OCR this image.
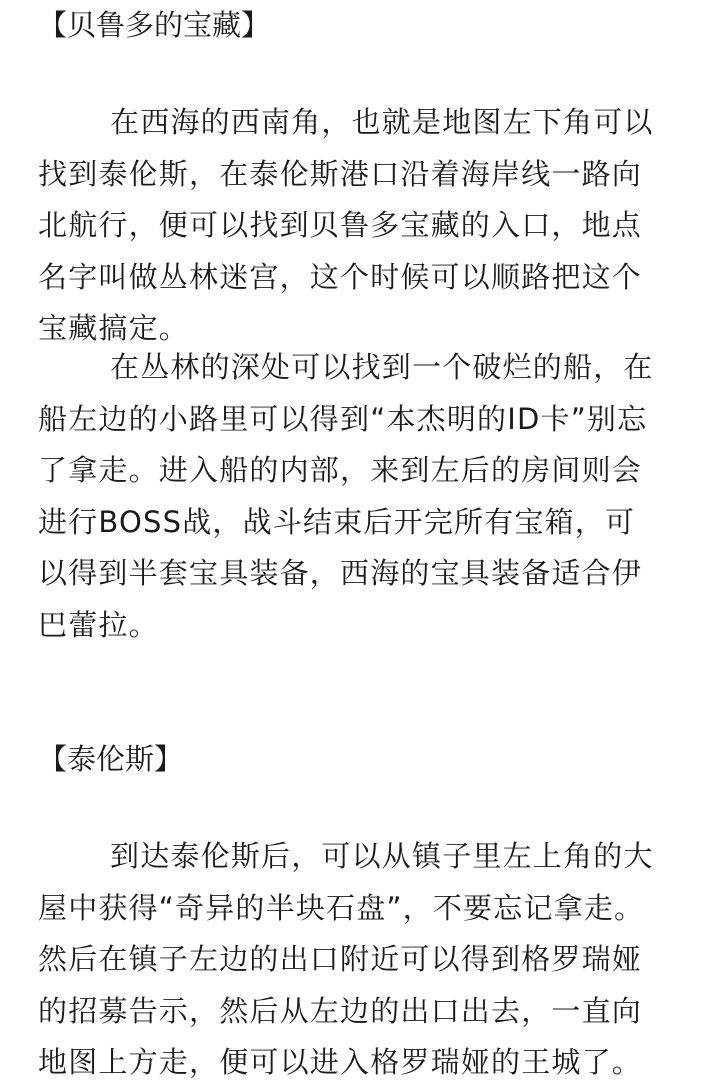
【贝鲁多的宝藏】
在西海的西南角，也就是地图左下角可以
找到泰伦斯，在泰伦斯港口沿着海岸线一路向
北航行，便可以找到贝鲁多宝藏的入口，地点
名字叫做丛林迷宫，这个时候可以顺路把这个
宝藏搞定。
在丛林的深处可以找到一个破烂的船，在
船左边的小路里可以得到“本杰明的ID卡”别忘
了拿走。进入船的内部，来到左后的房间则会
进行BOSS战，战斗结束后开完所有宝箱，可
以得到半套宝具装备，西海的宝具装备适合伊
巴蕾拉。
【泰伦斯】
到达泰伦斯后，可以从镇子里左上角的大
屋中获得“奇异的半块石盘”，不要忘记拿走。
然后在镇子左边的出口附近可以得到格罗瑞娅
的招募告示，然后从左边的出口出去，一直向
地图上方走，便可以进入格罗瑞娅的王城了。
